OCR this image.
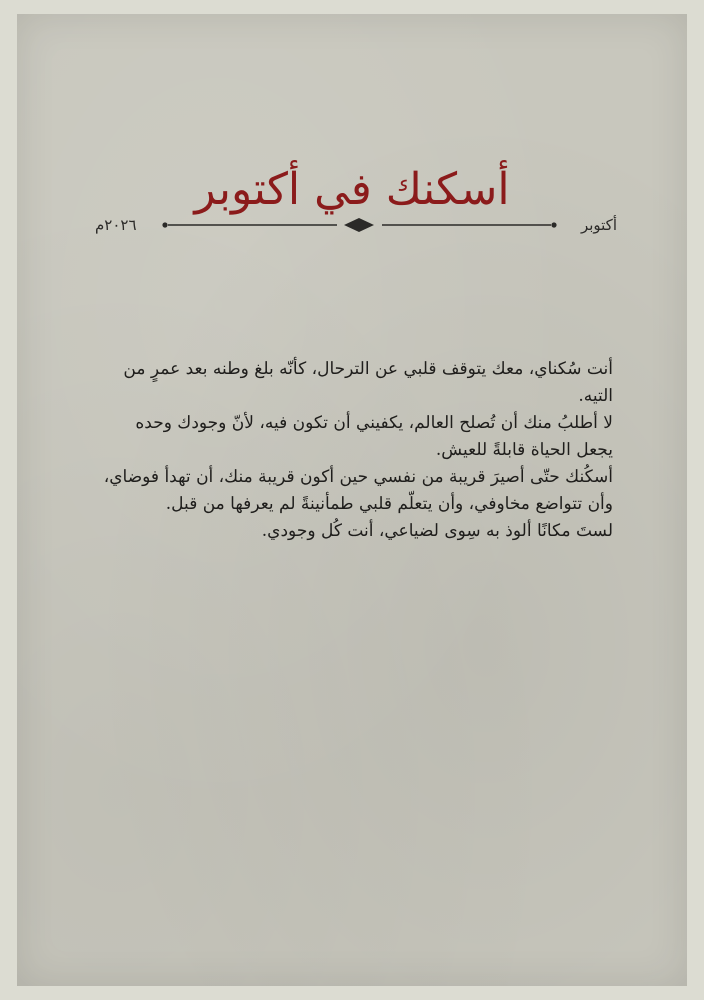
أسكنك في أكتوبر
أكتوبر
٢٠٢٦م

أنت سُكناي، معك يتوقف قلبي عن الترحال، كأنّه بلغ وطنه بعد عمرٍ من التيه.

لا أطلبُ منك أن تُصلح العالم، يكفيني أن تكون فيه، لأنّ وجودك وحده يجعل الحياة قابلةً للعيش.

أسكُنك حتّى أصيرَ قريبة من نفسي حين أكون قريبة منك، أن تهدأ فوضاي، وأن تتواضع مخاوفي، وأن يتعلّم قلبي طمأنينةً لم يعرفها من قبل.

لستَ مكانًا ألوذ به سِوى لضياعي، أنت كُل وجودي.
